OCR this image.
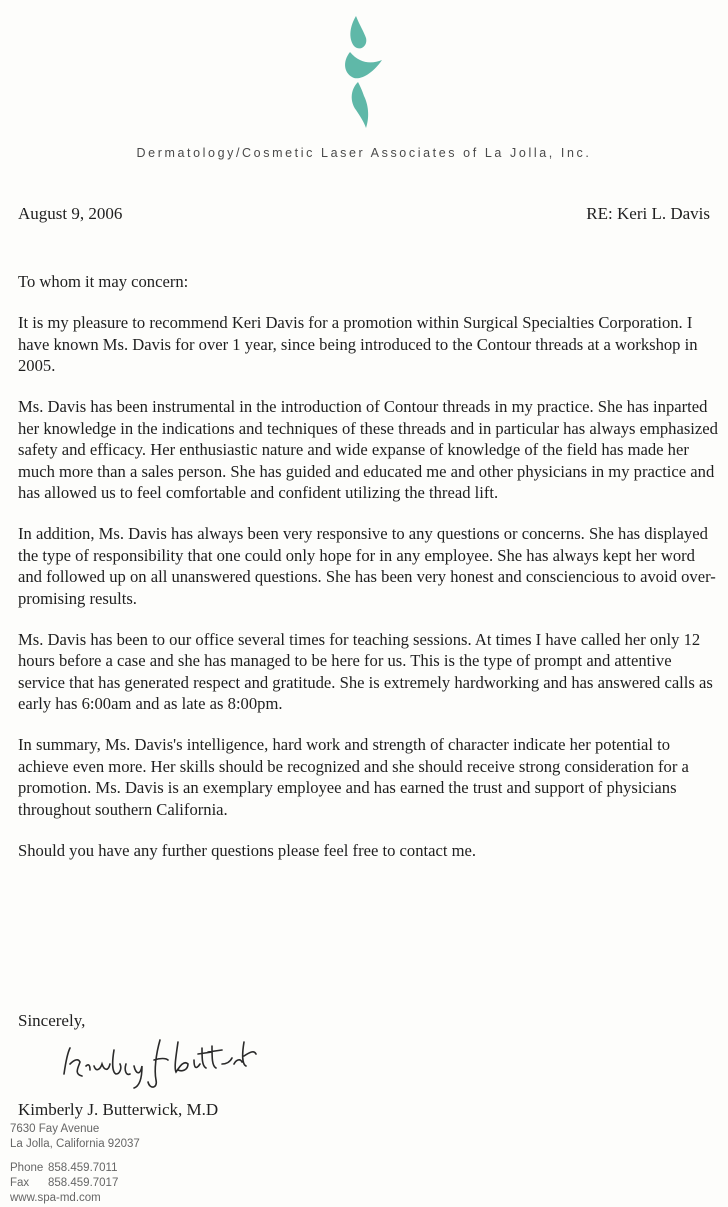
Dermatology/Cosmetic Laser Associates of La Jolla, Inc.
August 9, 2006	RE: Keri L. Davis

To whom it may concern:

It is my pleasure to recommend Keri Davis for a promotion within Surgical Specialties Corporation. I have known Ms. Davis for over 1 year, since being introduced to the Contour threads at a workshop in 2005.

Ms. Davis has been instrumental in the introduction of Contour threads in my practice. She has inparted her knowledge in the indications and techniques of these threads and in particular has always emphasized safety and efficacy. Her enthusiastic nature and wide expanse of knowledge of the field has made her much more than a sales person. She has guided and educated me and other physicians in my practice and has allowed us to feel comfortable and confident utilizing the thread lift.

In addition, Ms. Davis has always been very responsive to any questions or concerns. She has displayed the type of responsibility that one could only hope for in any employee. She has always kept her word and followed up on all unanswered questions. She has been very honest and consciencious to avoid over-promising results.

Ms. Davis has been to our office several times for teaching sessions. At times I have called her only 12 hours before a case and she has managed to be here for us. This is the type of prompt and attentive service that has generated respect and gratitude. She is extremely hardworking and has answered calls as early has 6:00am and as late as 8:00pm.

In summary, Ms. Davis's intelligence, hard work and strength of character indicate her potential to achieve even more. Her skills should be recognized and she should receive strong consideration for a promotion. Ms. Davis is an exemplary employee and has earned the trust and support of physicians throughout southern California.

Should you have any further questions please feel free to contact me.

Sincerely,
Kimberly J. Butterwick, M.D
7630 Fay Avenue
La Jolla, California 92037
Phone 858.459.7011
Fax 858.459.7017
www.spa-md.com
